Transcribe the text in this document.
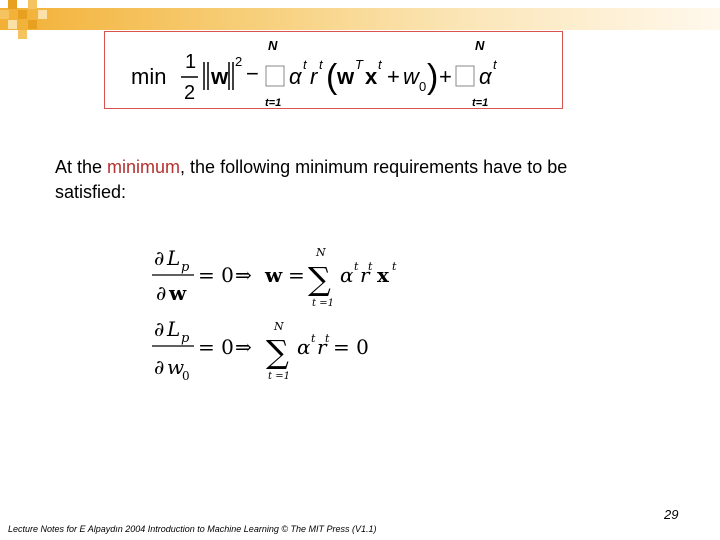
min
1
2
w
2 −
N
t=1
α t r t ( w T x t + w 0 ) +
N
t=1
α t
At the minimum, the following minimum requirements have to be
satisfied:
∂ L p
∂ w
= 0 ⇒ w =
N
∑
t =1
α t r
t x t
∂ L p
∂ w
0
= 0 ⇒
N
∑
t =1
α t r
t = 0
29
Lecture Notes for E Alpaydın 2004 Introduction to Machine Learning © The MIT Press (V1.1)
